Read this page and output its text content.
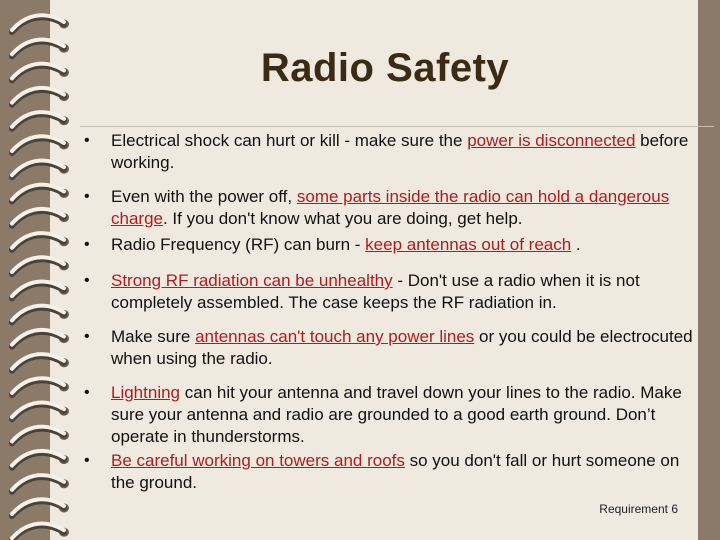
Radio Safety
•	Electrical shock can hurt or kill - make sure the power is disconnected before working.
•	Even with the power off, some parts inside the radio can hold a dangerous charge. If you don't know what you are doing, get help.
•	Radio Frequency (RF) can burn - keep antennas out of reach .
•	Strong RF radiation can be unhealthy - Don't use a radio when it is not completely assembled. The case keeps the RF radiation in.
•	Make sure antennas can't touch any power lines or you could be electrocuted when using the radio.
•	Lightning can hit your antenna and travel down your lines to the radio. Make sure your antenna and radio are grounded to a good earth ground. Don’t operate in thunderstorms.
•	Be careful working on towers and roofs so you don't fall or hurt someone on the ground.
Requirement 6
